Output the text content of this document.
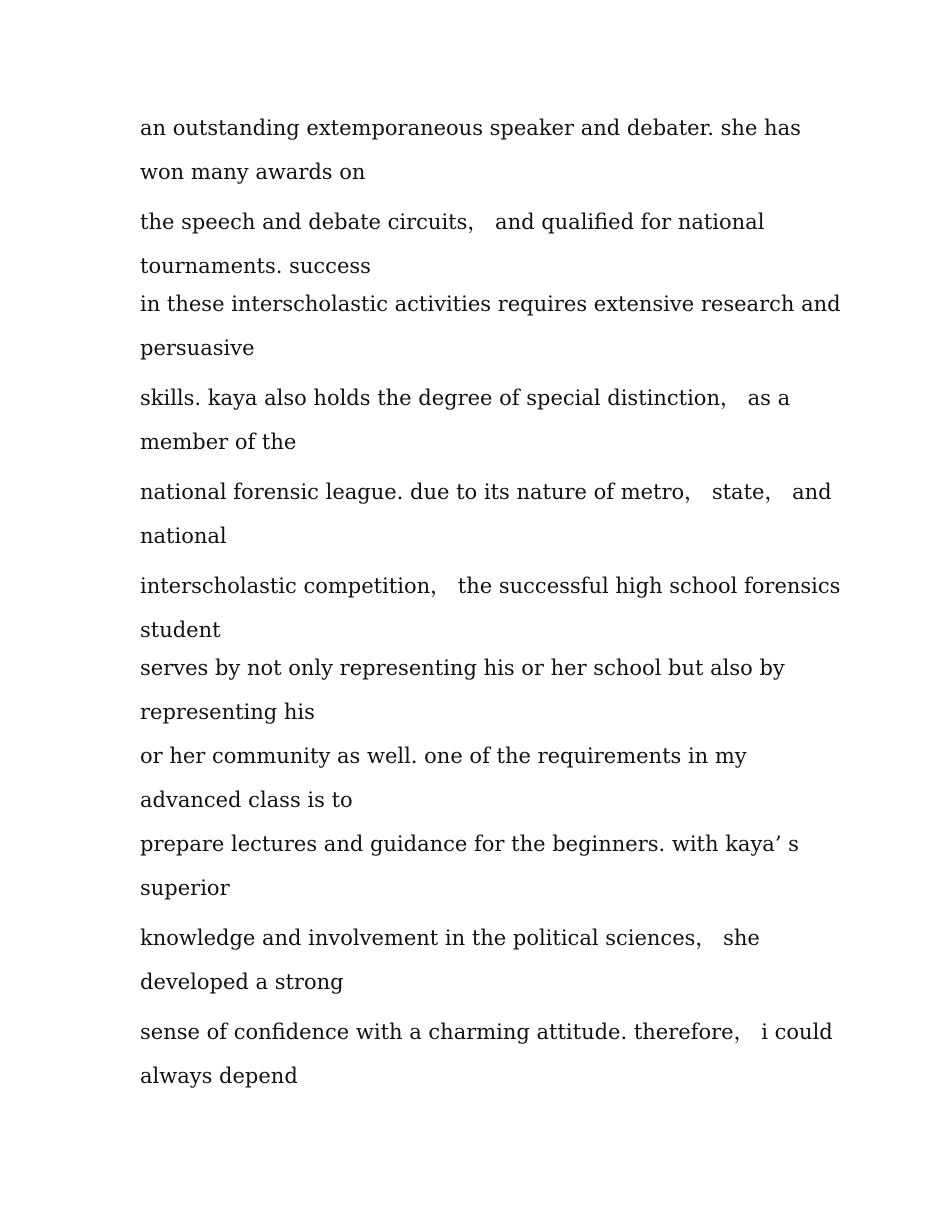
an outstanding extemporaneous speaker and debater. she has
won many awards on

the speech and debate circuits， and qualified for national
tournaments. success

in these interscholastic activities requires extensive research and
persuasive

skills. kaya also holds the degree of special distinction， as a
member of the

national forensic league. due to its nature of metro， state， and
national

interscholastic competition， the successful high school forensics
student

serves by not only representing his or her school but also by
representing his

or her community as well. one of the requirements in my
advanced class is to

prepare lectures and guidance for the beginners. with kaya’ s
superior

knowledge and involvement in the political sciences， she
developed a strong

sense of confidence with a charming attitude. therefore， i could
always depend
